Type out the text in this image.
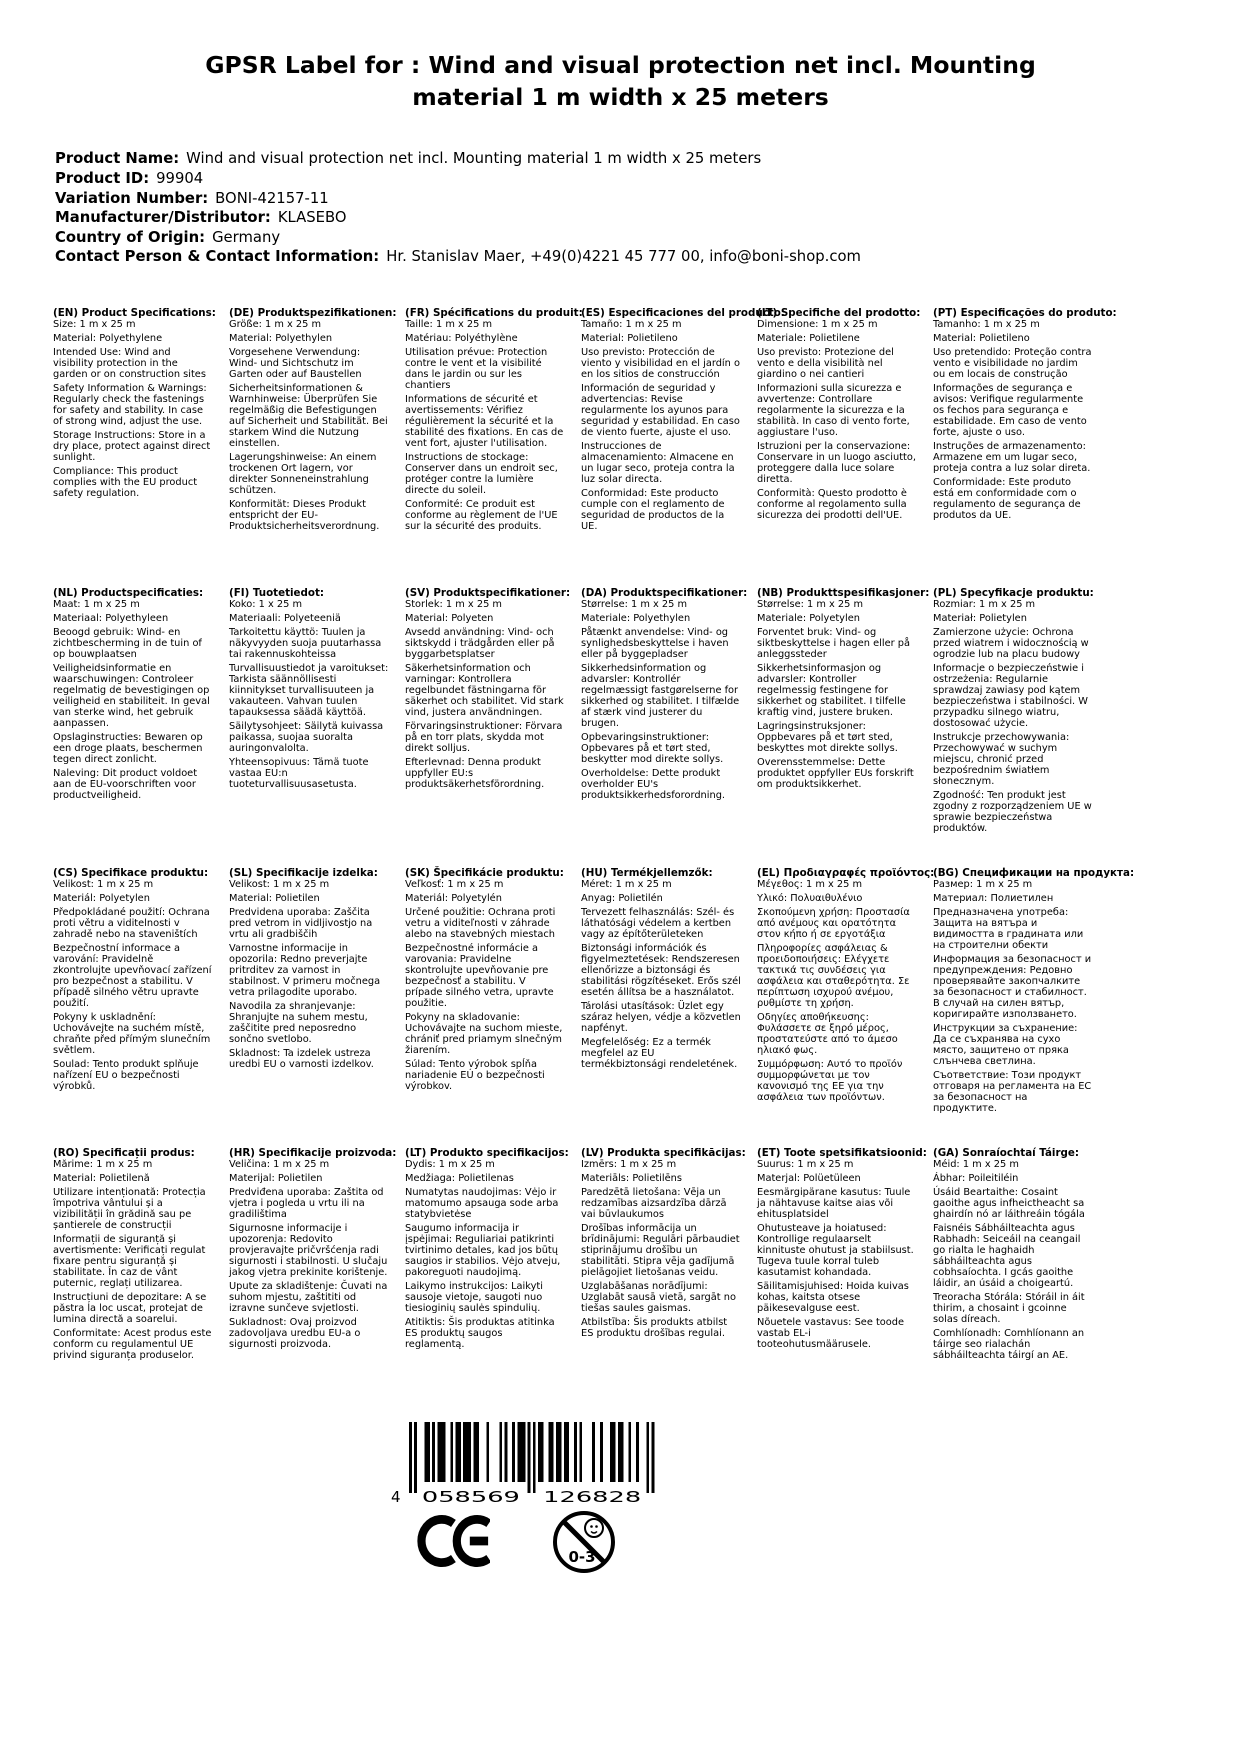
GPSR Label for : Wind and visual protection net incl. Mounting material 1 m width x 25 meters
Product Name: Wind and visual protection net incl. Mounting material 1 m width x 25 meters
Product ID: 99904
Variation Number: BONI-42157-11
Manufacturer/Distributor: KLASEBO
Country of Origin: Germany
Contact Person & Contact Information: Hr. Stanislav Maer, +49(0)4221 45 777 00, info@boni-shop.com
(EN) Product Specifications:

Size: 1 m x 25 m

Material: Polyethylene

Intended Use: Wind and visibility protection in the garden or on construction sites

Safety Information & Warnings: Regularly check the fastenings for safety and stability. In case of strong wind, adjust the use.

Storage Instructions: Store in a dry place, protect against direct sunlight.

Compliance: This product complies with the EU product safety regulation.

(DE) Produktspezifikationen:

Größe: 1 m x 25 m

Material: Polyethylen

Vorgesehene Verwendung: Wind- und Sichtschutz im Garten oder auf Baustellen

Sicherheitsinformationen & Warnhinweise: Überprüfen Sie regelmäßig die Befestigungen auf Sicherheit und Stabilität. Bei starkem Wind die Nutzung einstellen.

Lagerungshinweise: An einem trockenen Ort lagern, vor direkter Sonneneinstrahlung schützen.

Konformität: Dieses Produkt entspricht der EU-Produktsicherheitsverordnung.

(FR) Spécifications du produit:

Taille: 1 m x 25 m

Matériau: Polyéthylène

Utilisation prévue: Protection contre le vent et la visibilité dans le jardin ou sur les chantiers

Informations de sécurité et avertissements: Vérifiez régulièrement la sécurité et la stabilité des fixations. En cas de vent fort, ajuster l'utilisation.

Instructions de stockage: Conserver dans un endroit sec, protéger contre la lumière directe du soleil.

Conformité: Ce produit est conforme au règlement de l'UE sur la sécurité des produits.

(ES) Especificaciones del producto:

Tamaño: 1 m x 25 m

Material: Polietileno

Uso previsto: Protección de viento y visibilidad en el jardín o en los sitios de construcción

Información de seguridad y advertencias: Revise regularmente los ayunos para seguridad y estabilidad. En caso de viento fuerte, ajuste el uso.

Instrucciones de almacenamiento: Almacene en un lugar seco, proteja contra la luz solar directa.

Conformidad: Este producto cumple con el reglamento de seguridad de productos de la UE.

(IT) Specifiche del prodotto:

Dimensione: 1 m x 25 m

Materiale: Polietilene

Uso previsto: Protezione del vento e della visibilità nel giardino o nei cantieri

Informazioni sulla sicurezza e avvertenze: Controllare regolarmente la sicurezza e la stabilità. In caso di vento forte, aggiustare l'uso.

Istruzioni per la conservazione: Conservare in un luogo asciutto, proteggere dalla luce solare diretta.

Conformità: Questo prodotto è conforme al regolamento sulla sicurezza dei prodotti dell'UE.

(PT) Especificações do produto:

Tamanho: 1 m x 25 m

Material: Polietileno

Uso pretendido: Proteção contra vento e visibilidade no jardim ou em locais de construção

Informações de segurança e avisos: Verifique regularmente os fechos para segurança e estabilidade. Em caso de vento forte, ajuste o uso.

Instruções de armazenamento: Armazene em um lugar seco, proteja contra a luz solar direta.

Conformidade: Este produto está em conformidade com o regulamento de segurança de produtos da UE.

(NL) Productspecificaties:

Maat: 1 m x 25 m

Materiaal: Polyethyleen

Beoogd gebruik: Wind- en zichtbescherming in de tuin of op bouwplaatsen

Veiligheidsinformatie en waarschuwingen: Controleer regelmatig de bevestigingen op veiligheid en stabiliteit. In geval van sterke wind, het gebruik aanpassen.

Opslaginstructies: Bewaren op een droge plaats, beschermen tegen direct zonlicht.

Naleving: Dit product voldoet aan de EU-voorschriften voor productveiligheid.

(FI) Tuotetiedot:

Koko: 1 x 25 m

Materiaali: Polyeteeniä

Tarkoitettu käyttö: Tuulen ja näkyvyyden suoja puutarhassa tai rakennuskohteissa

Turvallisuustiedot ja varoitukset: Tarkista säännöllisesti kiinnitykset turvallisuuteen ja vakauteen. Vahvan tuulen tapauksessa säädä käyttöä.

Säilytysohjeet: Säilytä kuivassa paikassa, suojaa suoralta auringonvalolta.

Yhteensopivuus: Tämä tuote vastaa EU:n tuoteturvallisuusasetusta.

(SV) Produktspecifikationer:

Storlek: 1 m x 25 m

Material: Polyeten

Avsedd användning: Vind- och siktskydd i trädgården eller på byggarbetsplatser

Säkerhetsinformation och varningar: Kontrollera regelbundet fästningarna för säkerhet och stabilitet. Vid stark vind, justera användningen.

Förvaringsinstruktioner: Förvara på en torr plats, skydda mot direkt solljus.

Efterlevnad: Denna produkt uppfyller EU:s produktsäkerhetsförordning.

(DA) Produktspecifikationer:

Størrelse: 1 m x 25 m

Materiale: Polyethylen

Påtænkt anvendelse: Vind- og synlighedsbeskyttelse i haven eller på byggepladser

Sikkerhedsinformation og advarsler: Kontrollér regelmæssigt fastgørelserne for sikkerhed og stabilitet. I tilfælde af stærk vind justerer du brugen.

Opbevaringsinstruktioner: Opbevares på et tørt sted, beskytter mod direkte sollys.

Overholdelse: Dette produkt overholder EU's produktsikkerhedsforordning.

(NB) Produkttspesifikasjoner:

Størrelse: 1 m x 25 m

Materiale: Polyetylen

Forventet bruk: Vind- og siktbeskyttelse i hagen eller på anleggssteder

Sikkerhetsinformasjon og advarsler: Kontroller regelmessig festingene for sikkerhet og stabilitet. I tilfelle kraftig vind, justere bruken.

Lagringsinstruksjoner: Oppbevares på et tørt sted, beskyttes mot direkte sollys.

Overensstemmelse: Dette produktet oppfyller EUs forskrift om produktsikkerhet.

(PL) Specyfikacje produktu:

Rozmiar: 1 m x 25 m

Materiał: Polietylen

Zamierzone użycie: Ochrona przed wiatrem i widocznością w ogrodzie lub na placu budowy

Informacje o bezpieczeństwie i ostrzeżenia: Regularnie sprawdzaj zawiasy pod kątem bezpieczeństwa i stabilności. W przypadku silnego wiatru, dostosować użycie.

Instrukcje przechowywania: Przechowywać w suchym miejscu, chronić przed bezpośrednim światłem słonecznym.

Zgodność: Ten produkt jest zgodny z rozporządzeniem UE w sprawie bezpieczeństwa produktów.

(CS) Specifikace produktu:

Velikost: 1 m x 25 m

Materiál: Polyetylen

Předpokládané použití: Ochrana proti větru a viditelnosti v zahradě nebo na staveništích

Bezpečnostní informace a varování: Pravidelně zkontrolujte upevňovací zařízení pro bezpečnost a stabilitu. V případě silného větru upravte použití.

Pokyny k uskladnění: Uchovávejte na suchém místě, chraňte před přímým slunečním světlem.

Soulad: Tento produkt splňuje nařízení EU o bezpečnosti výrobků.

(SL) Specifikacije izdelka:

Velikost: 1 m x 25 m

Material: Polietilen

Predvidena uporaba: Zaščita pred vetrom in vidljivostjo na vrtu ali gradbiščih

Varnostne informacije in opozorila: Redno preverjajte pritrditev za varnost in stabilnost. V primeru močnega vetra prilagodite uporabo.

Navodila za shranjevanje: Shranjujte na suhem mestu, zaščitite pred neposredno sončno svetlobo.

Skladnost: Ta izdelek ustreza uredbi EU o varnosti izdelkov.

(SK) Špecifikácie produktu:

Veľkosť: 1 m x 25 m

Materiál: Polyetylén

Určené použitie: Ochrana proti vetru a viditeľnosti v záhrade alebo na stavebných miestach

Bezpečnostné informácie a varovania: Pravidelne skontrolujte upevňovanie pre bezpečnosť a stabilitu. V prípade silného vetra, upravte použitie.

Pokyny na skladovanie: Uchovávajte na suchom mieste, chrániť pred priamym slnečným žiarením.

Súlad: Tento výrobok spĺňa nariadenie EÚ o bezpečnosti výrobkov.

(HU) Termékjellemzők:

Méret: 1 m x 25 m

Anyag: Polietilén

Tervezett felhasználás: Szél- és láthatósági védelem a kertben vagy az építőterületeken

Biztonsági információk és figyelmeztetések: Rendszeresen ellenőrizze a biztonsági és stabilitási rögzítéseket. Erős szél esetén állítsa be a használatot.

Tárolási utasítások: Üzlet egy száraz helyen, védje a közvetlen napfényt.

Megfelelőség: Ez a termék megfelel az EU termékbiztonsági rendeletének.

(EL) Προδιαγραφές προϊόντος:

Μέγεθος: 1 m x 25 m

Υλικό: Πολυαιθυλένιο

Σκοπούμενη χρήση: Προστασία από ανέμους και ορατότητα στον κήπο ή σε εργοτάξια

Πληροφορίες ασφάλειας & προειδοποιήσεις: Ελέγχετε τακτικά τις συνδέσεις για ασφάλεια και σταθερότητα. Σε περίπτωση ισχυρού ανέμου, ρυθμίστε τη χρήση.

Οδηγίες αποθήκευσης: Φυλάσσετε σε ξηρό μέρος, προστατεύστε από το άμεσο ηλιακό φως.

Συμμόρφωση: Αυτό το προϊόν συμμορφώνεται με τον κανονισμό της ΕΕ για την ασφάλεια των προϊόντων.

(BG) Спецификации на продукта:

Размер: 1 m x 25 m

Материал: Полиетилен

Предназначена употреба: Защита на вятъра и видимостта в градината или на строителни обекти

Информация за безопасност и предупреждения: Редовно проверявайте закопчалките за безопасност и стабилност. В случай на силен вятър, коригирайте използването.

Инструкции за съхранение: Да се съхранява на сухо място, защитено от пряка слънчева светлина.

Съответствие: Този продукт отговаря на регламента на ЕС за безопасност на продуктите.

(RO) Specificații produs:

Mărime: 1 m x 25 m

Material: Polietilenă

Utilizare intenționată: Protecția împotriva vântului și a vizibilității în grădină sau pe șantierele de construcții

Informații de siguranță și avertismente: Verificați regulat fixare pentru siguranță și stabilitate. În caz de vânt puternic, reglați utilizarea.

Instrucțiuni de depozitare: A se păstra la loc uscat, protejat de lumina directă a soarelui.

Conformitate: Acest produs este conform cu regulamentul UE privind siguranța produselor.

(HR) Specifikacije proizvoda:

Veličina: 1 m x 25 m

Materijal: Polietilen

Predviđena uporaba: Zaštita od vjetra i pogleda u vrtu ili na gradilištima

Sigurnosne informacije i upozorenja: Redovito provjeravajte pričvršćenja radi sigurnosti i stabilnosti. U slučaju jakog vjetra prekinite korištenje.

Upute za skladištenje: Čuvati na suhom mjestu, zaštititi od izravne sunčeve svjetlosti.

Sukladnost: Ovaj proizvod zadovoljava uredbu EU-a o sigurnosti proizvoda.

(LT) Produkto specifikacijos:

Dydis: 1 m x 25 m

Medžiaga: Polietilenas

Numatytas naudojimas: Vėjo ir matomumo apsauga sode arba statybvietėse

Saugumo informacija ir įspėjimai: Reguliariai patikrinti tvirtinimo detales, kad jos būtų saugios ir stabilios. Vėjo atveju, pakoreguoti naudojimą.

Laikymo instrukcijos: Laikyti sausoje vietoje, saugoti nuo tiesioginių saulės spindulių.

Atitiktis: Šis produktas atitinka ES produktų saugos reglamentą.

(LV) Produkta specifikācijas:

Izmērs: 1 m x 25 m

Materiāls: Polietilēns

Paredzētā lietošana: Vēja un redzamības aizsardzība dārzā vai būvlaukumos

Drošības informācija un brīdinājumi: Regulāri pārbaudiet stiprinājumu drošību un stabilitāti. Stipra vēja gadījumā pielāgojiet lietošanas veidu.

Uzglabāšanas norādījumi: Uzglabāt sausā vietā, sargāt no tiešas saules gaismas.

Atbilstība: Šis produkts atbilst ES produktu drošības regulai.

(ET) Toote spetsifikatsioonid:

Suurus: 1 m x 25 m

Materjal: Polüetüleen

Eesmärgipärane kasutus: Tuule ja nähtavuse kaitse aias või ehitusplatsidel

Ohutusteave ja hoiatused: Kontrollige regulaarselt kinnituste ohutust ja stabiilsust. Tugeva tuule korral tuleb kasutamist kohandada.

Säilitamisjuhised: Hoida kuivas kohas, kaitsta otsese päikesevalguse eest.

Nõuetele vastavus: See toode vastab EL-i tooteohutusmäärusele.

(GA) Sonraíochtaí Táirge:

Méid: 1 m x 25 m

Ábhar: Poileitiléin

Úsáid Beartaithe: Cosaint gaoithe agus infheictheacht sa ghairdín nó ar láithreáin tógála

Faisnéis Sábháilteachta agus Rabhadh: Seiceáil na ceangail go rialta le haghaidh sábháilteachta agus cobhsaíochta. I gcás gaoithe láidir, an úsáid a choigeartú.

Treoracha Stórála: Stóráil in áit thirim, a chosaint i gcoinne solas díreach.

Comhlíonadh: Comhlíonann an táirge seo rialachán sábháilteachta táirgí an AE.

4 058569 126828
0-3
